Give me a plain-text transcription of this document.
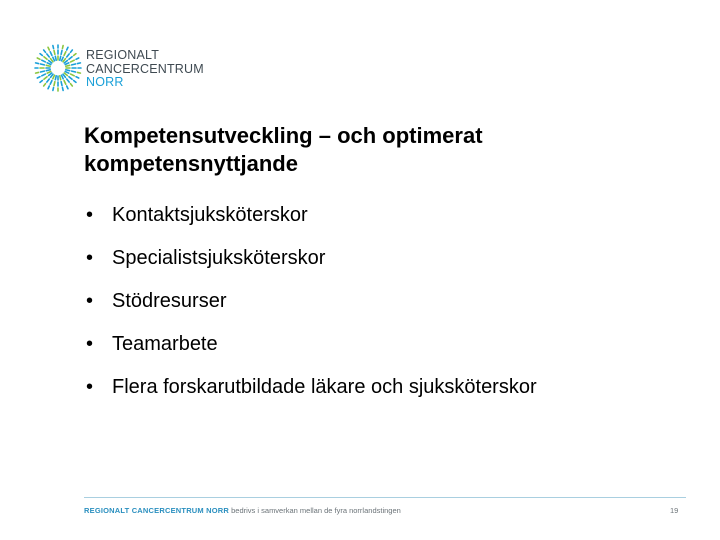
REGIONALT
CANCERCENTRUM
NORR
Kompetensutveckling – och optimerat kompetensnyttjande
• Kontaktsjuksköterskor
• Specialistsjuksköterskor
• Stödresurser
• Teamarbete
• Flera forskarutbildade läkare och sjuksköterskor
REGIONALT CANCERCENTRUM NORR bedrivs i samverkan mellan de fyra norrlandstingen	19
